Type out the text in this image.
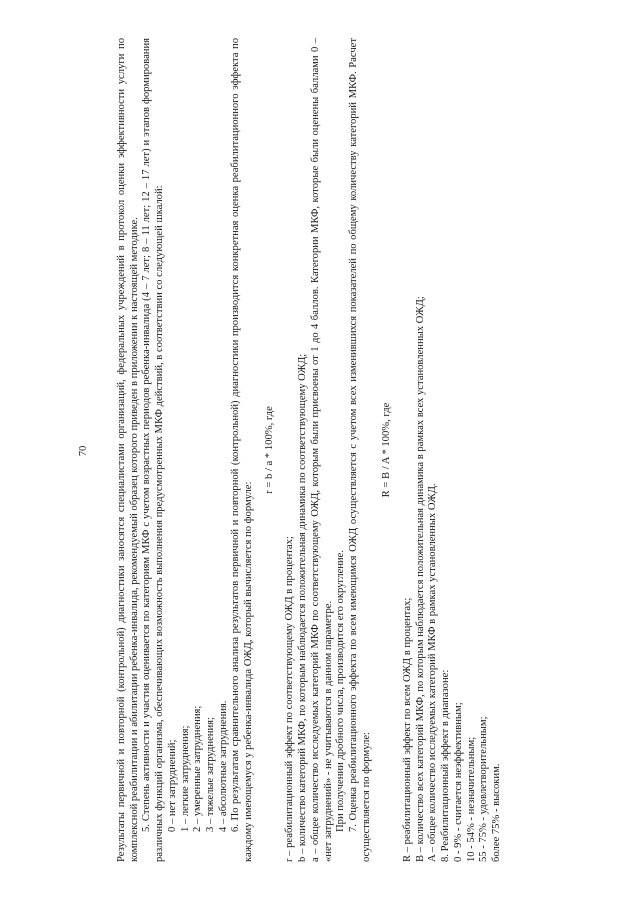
70	Результаты первичной и повторной (контрольной) диагностики заносятся специалистами организаций, федеральных учреждений в протокол оценки эффективности услуги по комплексной реабилитации и абилитации ребенка-инвалида, рекомендуемый образец которого приведен в приложении к настоящей методике. 5. Степень активности и участия оценивается по категориям МКФ с учетом возрастных периодов ребенка-инвалида (4 – 7 лет; 8 – 11 лет; 12 – 17 лет) и этапов формирования различных функций организма, обеспечивающих возможность выполнения предусмотренных МКФ действий, в соответствии со следующей шкалой: 0 – нет затруднений; 1 – легкие затруднения; 2 – умеренные затруднения; 3 – тяжелые затруднения; 4 – абсолютные затруднения. 6. По результатам сравнительного анализа результатов первичной и повторной (контрольной) диагностики производится конкретная оценка реабилитационного эффекта по каждому имеющемуся у ребенка-инвалида ОЖД, который вычисляется по формуле:

r = b / a * 100%, где

r – реабилитационный эффект по соответствующему ОЖД в процентах; b – количество категорий МКФ, по которым наблюдается положительная динамика по соответствующему ОЖД; a – общее количество исследуемых категорий МКФ по соответствующему ОЖД, которым были присвоены от 1 до 4 баллов. Категории МКФ, которые были оценены баллами 0 – «нет затруднений» - не учитываются в данном параметре. При получении дробного числа, производится его округление. 7. Оценка реабилитационного эффекта по всем имеющимся ОЖД осуществляется с учетом всех изменившихся показателей по общему количеству категорий МКФ. Расчет осуществляется по формуле:

R = B / A * 100%, где

R – реабилитационный эффект по всем ОЖД в процентах; B – количество всех категорий МКФ, по которым наблюдается положительная динамика в рамках всех установленных ОЖД; A – общее количество исследуемых категорий МКФ в рамках установленных ОЖД. 8. Реабилитационный эффект в диапазоне: 0 - 9% - считается неэффективным; 10 - 54% - незначительным; 55 - 75% - удовлетворительным; более 75% - высоким.
